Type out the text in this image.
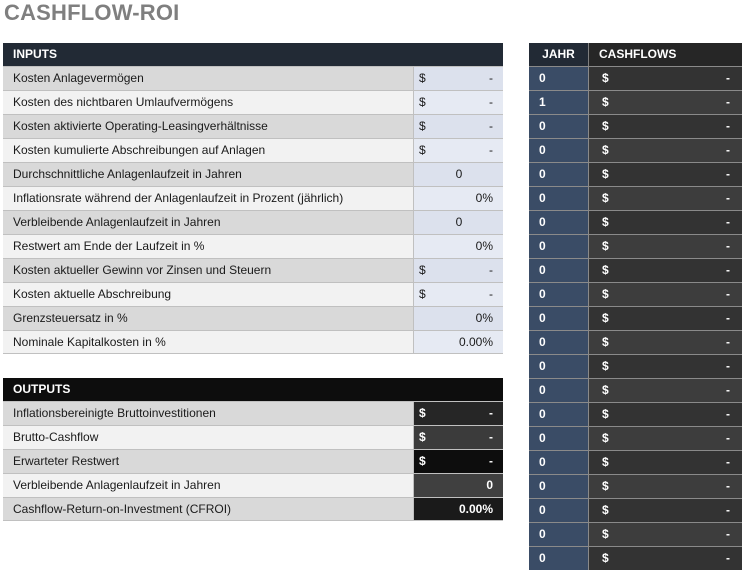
CASHFLOW-ROI
INPUTS
Kosten Anlagevermögen	$	-
Kosten des nichtbaren Umlaufvermögens	$	-
Kosten aktivierte Operating-Leasingverhältnisse	$	-
Kosten kumulierte Abschreibungen auf Anlagen	$	-
Durchschnittliche Anlagenlaufzeit in Jahren	0
Inflationsrate während der Anlagenlaufzeit in Prozent (jährlich)	0%
Verbleibende Anlagenlaufzeit in Jahren	0
Restwert am Ende der Laufzeit in %	0%
Kosten aktueller Gewinn vor Zinsen und Steuern	$	-
Kosten aktuelle Abschreibung	$	-
Grenzsteuersatz in %	0%
Nominale Kapitalkosten in %	0.00%
OUTPUTS
Inflationsbereinigte Bruttoinvestitionen	$	-
Brutto-Cashflow	$	-
Erwarteter Restwert	$	-
Verbleibende Anlagenlaufzeit in Jahren	0
Cashflow-Return-on-Investment (CFROI)	0.00%
JAHR	CASHFLOWS
0	$	-
1	$	-
0	$	-
0	$	-
0	$	-
0	$	-
0	$	-
0	$	-
0	$	-
0	$	-
0	$	-
0	$	-
0	$	-
0	$	-
0	$	-
0	$	-
0	$	-
0	$	-
0	$	-
0	$	-
0	$	-
